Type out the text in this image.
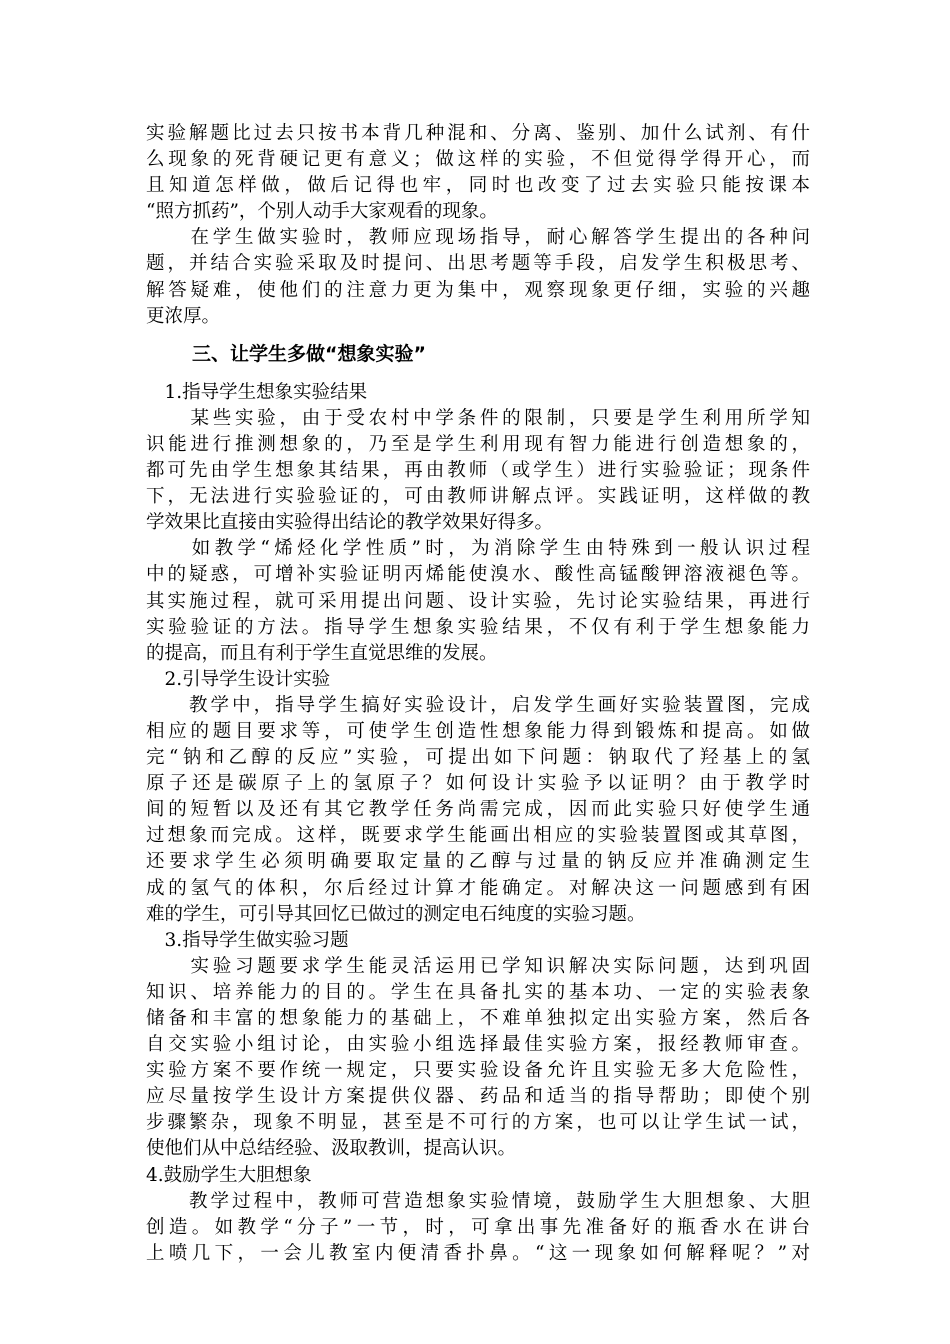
实验解题比过去只按书本背几种混和、分离、鉴别、加什么试剂、有什
么现象的死背硬记更有意义；做这样的实验，不但觉得学得开心，而
且知道怎样做，做后记得也牢，同时也改变了过去实验只能按课本
“照方抓药”，个别人动手大家观看的现象。
　　在学生做实验时，教师应现场指导，耐心解答学生提出的各种问
题，并结合实验采取及时提问、出思考题等手段，启发学生积极思考、
解答疑难，使他们的注意力更为集中，观察现象更仔细，实验的兴趣
更浓厚。
三、让学生多做“想象实验”
　1.指导学生想象实验结果
　　某些实验，由于受农村中学条件的限制，只要是学生利用所学知
识能进行推测想象的，乃至是学生利用现有智力能进行创造想象的，
都可先由学生想象其结果，再由教师（或学生）进行实验验证；现条件
下，无法进行实验验证的，可由教师讲解点评。实践证明，这样做的教
学效果比直接由实验得出结论的教学效果好得多。
　　如教学“烯烃化学性质”时，为消除学生由特殊到一般认识过程
中的疑惑，可增补实验证明丙烯能使溴水、酸性高锰酸钾溶液褪色等。
其实施过程，就可采用提出问题、设计实验，先讨论实验结果，再进行
实验验证的方法。指导学生想象实验结果，不仅有利于学生想象能力
的提高，而且有利于学生直觉思维的发展。
　2.引导学生设计实验
　　教学中，指导学生搞好实验设计，启发学生画好实验装置图，完成
相应的题目要求等，可使学生创造性想象能力得到锻炼和提高。如做
完“钠和乙醇的反应”实验，可提出如下问题：钠取代了羟基上的氢
原子还是碳原子上的氢原子？如何设计实验予以证明？由于教学时
间的短暂以及还有其它教学任务尚需完成，因而此实验只好使学生通
过想象而完成。这样，既要求学生能画出相应的实验装置图或其草图，
还要求学生必须明确要取定量的乙醇与过量的钠反应并准确测定生
成的氢气的体积，尔后经过计算才能确定。对解决这一问题感到有困
难的学生，可引导其回忆已做过的测定电石纯度的实验习题。
　3.指导学生做实验习题
　　实验习题要求学生能灵活运用已学知识解决实际问题，达到巩固
知识、培养能力的目的。学生在具备扎实的基本功、一定的实验表象
储备和丰富的想象能力的基础上，不难单独拟定出实验方案，然后各
自交实验小组讨论，由实验小组选择最佳实验方案，报经教师审查。
实验方案不要作统一规定，只要实验设备允许且实验无多大危险性，
应尽量按学生设计方案提供仪器、药品和适当的指导帮助；即使个别
步骤繁杂，现象不明显，甚至是不可行的方案，也可以让学生试一试，
使他们从中总结经验、汲取教训，提高认识。
4.鼓励学生大胆想象
　　教学过程中，教师可营造想象实验情境，鼓励学生大胆想象、大胆
创造。如教学“分子”一节，时，可拿出事先准备好的瓶香水在讲台
上喷几下，一会儿教室内便清香扑鼻。“这一现象如何解释呢？”对
